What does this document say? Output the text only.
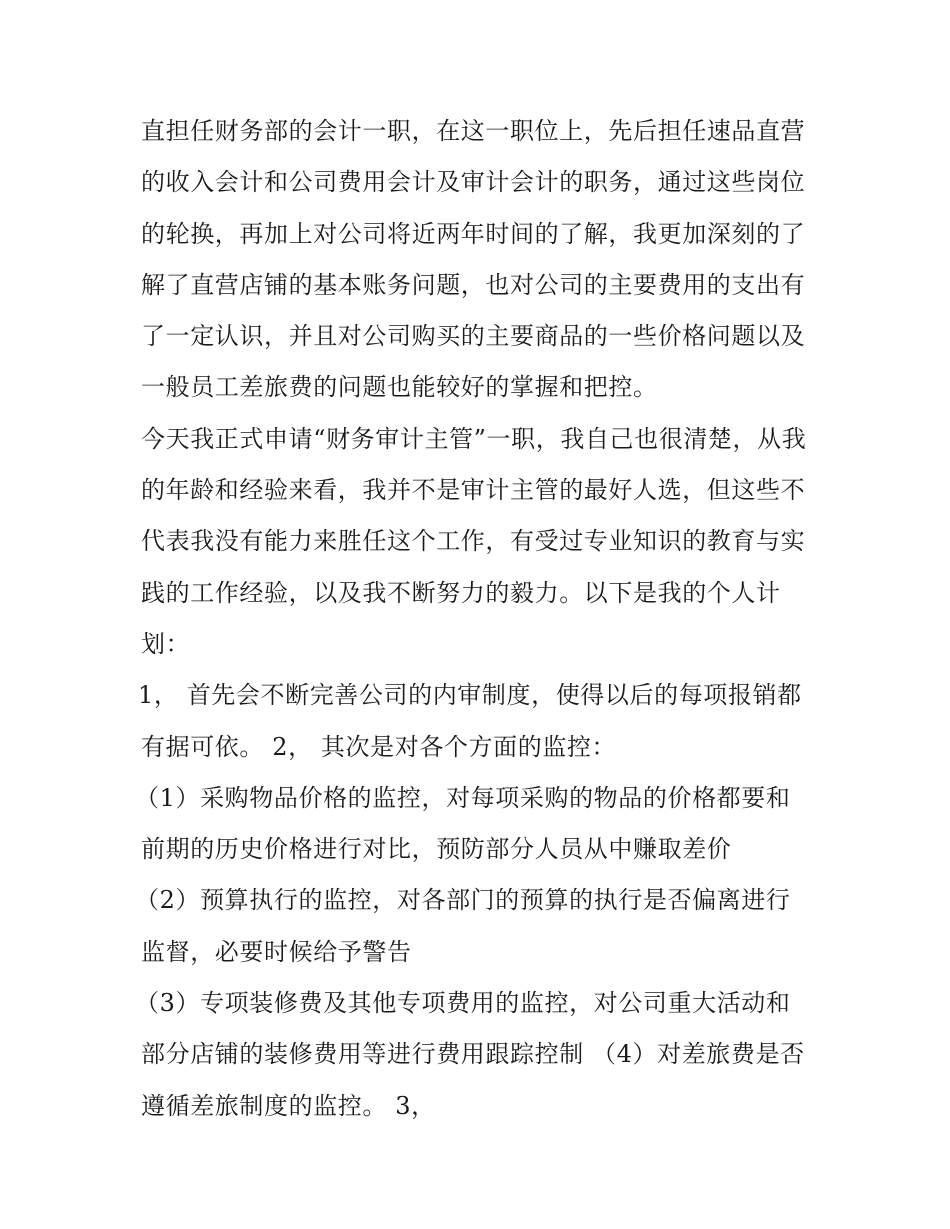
直担任财务部的会计一职，在这一职位上，先后担任速品直营
的收入会计和公司费用会计及审计会计的职务，通过这些岗位
的轮换，再加上对公司将近两年时间的了解，我更加深刻的了
解了直营店铺的基本账务问题，也对公司的主要费用的支出有
了一定认识，并且对公司购买的主要商品的一些价格问题以及
一般员工差旅费的问题也能较好的掌握和把控。
今天我正式申请“财务审计主管”一职，我自己也很清楚，从我
的年龄和经验来看，我并不是审计主管的最好人选，但这些不
代表我没有能力来胜任这个工作，有受过专业知识的教育与实
践的工作经验，以及我不断努力的毅力。以下是我的个人计
划：
1， 首先会不断完善公司的内审制度，使得以后的每项报销都
有据可依。 2， 其次是对各个方面的监控：
（1）采购物品价格的监控，对每项采购的物品的价格都要和
前期的历史价格进行对比，预防部分人员从中赚取差价
（2）预算执行的监控，对各部门的预算的执行是否偏离进行
监督，必要时候给予警告
（3）专项装修费及其他专项费用的监控，对公司重大活动和
部分店铺的装修费用等进行费用跟踪控制 （4）对差旅费是否
遵循差旅制度的监控。 3，
